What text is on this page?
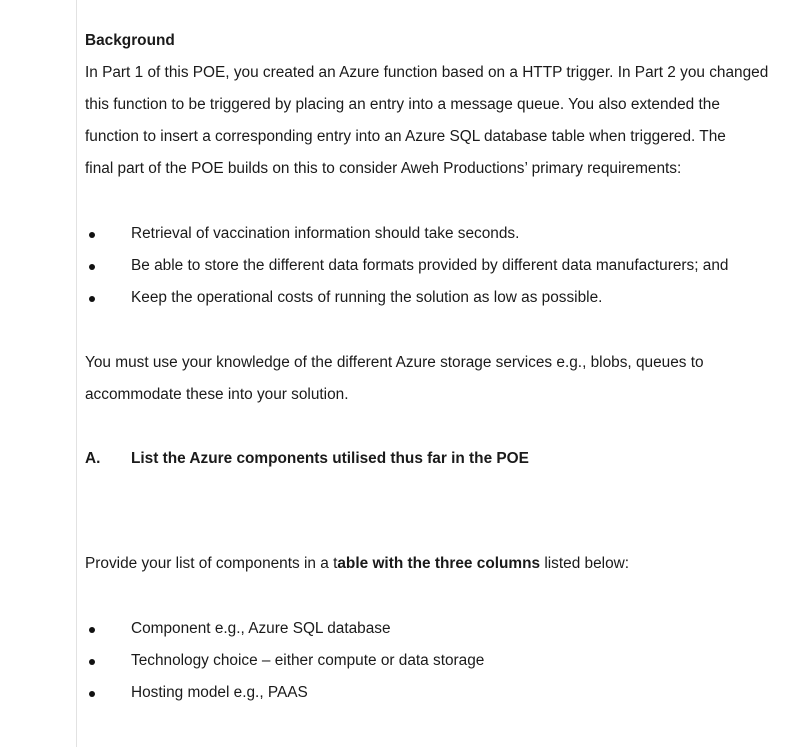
Background
In Part 1 of this POE, you created an Azure function based on a HTTP trigger. In Part 2 you changed
this function to be triggered by placing an entry into a message queue. You also extended the
function to insert a corresponding entry into an Azure SQL database table when triggered. The
final part of the POE builds on this to consider Aweh Productions’ primary requirements:
Retrieval of vaccination information should take seconds.
Be able to store the different data formats provided by different data manufacturers; and
Keep the operational costs of running the solution as low as possible.
You must use your knowledge of the different Azure storage services e.g., blobs, queues to
accommodate these into your solution.
A. List the Azure components utilised thus far in the POE
Provide your list of components in a table with the three columns listed below:
Component e.g., Azure SQL database
Technology choice – either compute or data storage
Hosting model e.g., PAAS
